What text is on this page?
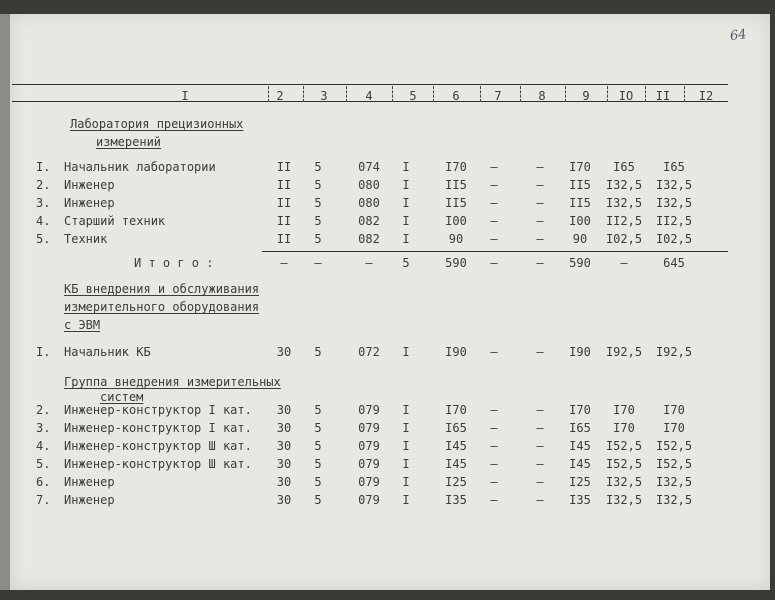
64
I	2	3	4	5	6	7	8	9	IO	II	I2
Лаборатория прецизионных
измерений
I. Начальник лаборатории	II	5	074	I	I70	–	–	I70	I65	I65
2. Инженер	II	5	080	I	II5	–	–	II5	I32,5 I32,5
3. Инженер	II	5	080	I	II5	–	–	II5	I32,5 I32,5
4. Старший техник	II	5	082	I	I00	–	–	I00	II2,5 II2,5
5. Техник	II	5	082	I	90	–	–	90	I02,5 I02,5
И т о г о :	–	–	–	5	590	–	–	590	–	645
КБ внедрения и обслуживания
измерительного оборудования
с ЭВМ
I. Начальник КБ	30	5	072	I	I90	–	–	I90	I92,5 I92,5
Группа внедрения измерительных
систем
2. Инженер-конструктор I кат.	30	5	079	I	I70	–	–	I70	I70	I70
3. Инженер-конструктор I кат.	30	5	079	I	I65	–	–	I65	I70	I70
4. Инженер-конструктор Ш кат.	30	5	079	I	I45	–	–	I45	I52,5 I52,5
5. Инженер-конструктор Ш кат.	30	5	079	I	I45	–	–	I45	I52,5 I52,5
6. Инженер	30	5	079	I	I25	–	–	I25	I32,5 I32,5
7. Инженер	30	5	079	I	I35	–	–	I35	I32,5 I32,5
